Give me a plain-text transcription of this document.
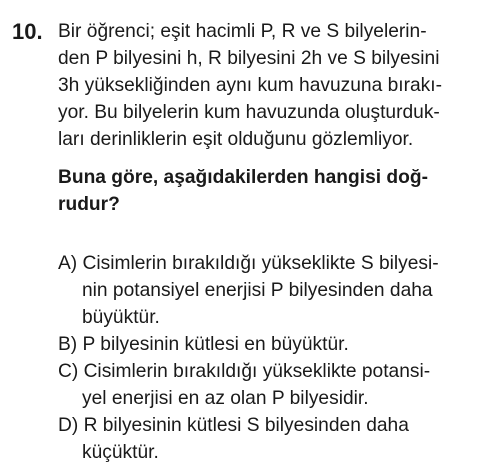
10. Bir öğrenci; eşit hacimli P, R ve S bilyelerin-
den P bilyesini h, R bilyesini 2h ve S bilyesini
3h yüksekliğinden aynı kum havuzuna bırakı-
yor. Bu bilyelerin kum havuzunda oluşturduk-
ları derinliklerin eşit olduğunu gözlemliyor.
Buna göre, aşağıdakilerden hangisi doğ-
rudur?
A) Cisimlerin bırakıldığı yükseklikte S bilyesi-
nin potansiyel enerjisi P bilyesinden daha
büyüktür.
B) P bilyesinin kütlesi en büyüktür.
C) Cisimlerin bırakıldığı yükseklikte potansi-
yel enerjisi en az olan P bilyesidir.
D) R bilyesinin kütlesi S bilyesinden daha
küçüktür.
